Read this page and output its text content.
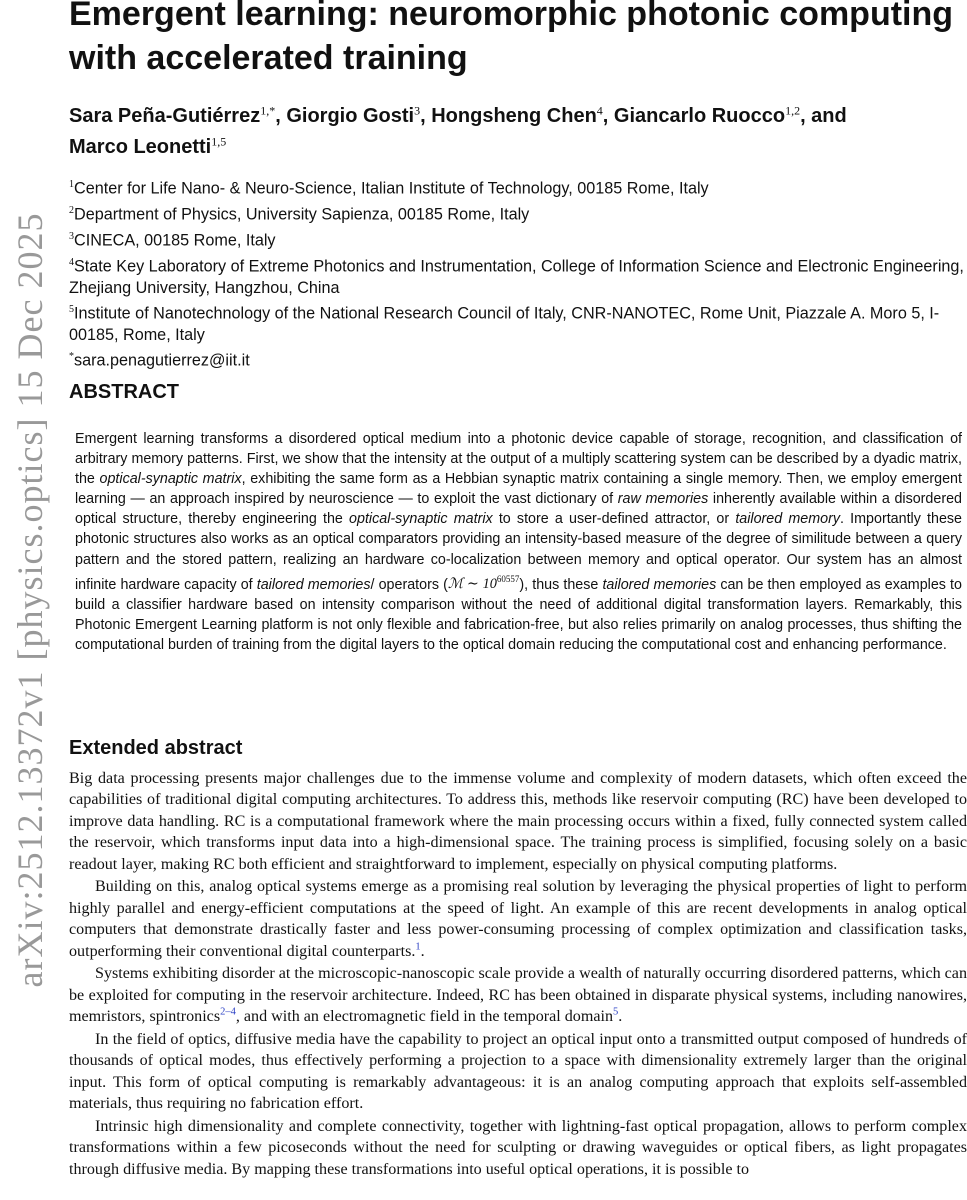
arXiv:2512.13372v1 [physics.optics] 15 Dec 2025
Emergent learning: neuromorphic photonic computing with accelerated training

Sara Peña-Gutiérrez$^{1,*}$, Giorgio Gosti$^3$, Hongsheng Chen$^4$, Giancarlo Ruocco$^{1,2}$, and
Marco Leonetti$^{1,5}$

$^1$Center for Life Nano- & Neuro-Science, Italian Institute of Technology, 00185 Rome, Italy

$^2$Department of Physics, University Sapienza, 00185 Rome, Italy

$^3$CINECA, 00185 Rome, Italy

$^4$State Key Laboratory of Extreme Photonics and Instrumentation, College of Information Science and Electronic Engineering, Zhejiang University, Hangzhou, China

$^5$Institute of Nanotechnology of the National Research Council of Italy, CNR-NANOTEC, Rome Unit, Piazzale A. Moro 5, I-00185, Rome, Italy

*sara.penagutierrez@iit.it

ABSTRACT

Emergent learning transforms a disordered optical medium into a photonic device capable of storage, recognition, and classification of arbitrary memory patterns. First, we show that the intensity at the output of a multiply scattering system can be described by a dyadic matrix, the optical-synaptic matrix, exhibiting the same form as a Hebbian synaptic matrix containing a single memory. Then, we employ emergent learning — an approach inspired by neuroscience — to exploit the vast dictionary of raw memories inherently available within a disordered optical structure, thereby engineering the optical-synaptic matrix to store a user-defined attractor, or tailored memory. Importantly these photonic structures also works as an optical comparators providing an intensity-based measure of the degree of similitude between a query pattern and the stored pattern, realizing an hardware co-localization between memory and optical operator. Our system has an almost infinite hardware capacity of tailored memories/ operators (ℳ ∼ $10^{60557}$), thus these tailored memories can be then employed as examples to build a classifier hardware based on intensity comparison without the need of additional digital transformation layers. Remarkably, this Photonic Emergent Learning platform is not only flexible and fabrication-free, but also relies primarily on analog processes, thus shifting the computational burden of training from the digital layers to the optical domain reducing the computational cost and enhancing performance.

Extended abstract

Big data processing presents major challenges due to the immense volume and complexity of modern datasets, which often exceed the capabilities of traditional digital computing architectures. To address this, methods like reservoir computing (RC) have been developed to improve data handling. RC is a computational framework where the main processing occurs within a fixed, fully connected system called the reservoir, which transforms input data into a high-dimensional space. The training process is simplified, focusing solely on a basic readout layer, making RC both efficient and straightforward to implement, especially on physical computing platforms.

Building on this, analog optical systems emerge as a promising real solution by leveraging the physical properties of light to perform highly parallel and energy-efficient computations at the speed of light. An example of this are recent developments in analog optical computers that demonstrate drastically faster and less power-consuming processing of complex optimization and classification tasks, outperforming their conventional digital counterparts.$^1$.

Systems exhibiting disorder at the microscopic-nanoscopic scale provide a wealth of naturally occurring disordered patterns, which can be exploited for computing in the reservoir architecture. Indeed, RC has been obtained in disparate physical systems, including nanowires, memristors, spintronics$^{2-4}$, and with an electromagnetic field in the temporal domain$^5$.

In the field of optics, diffusive media have the capability to project an optical input onto a transmitted output composed of hundreds of thousands of optical modes, thus effectively performing a projection to a space with dimensionality extremely larger than the original input. This form of optical computing is remarkably advantageous: it is an analog computing approach that exploits self-assembled materials, thus requiring no fabrication effort.

Intrinsic high dimensionality and complete connectivity, together with lightning-fast optical propagation, allows to perform complex transformations within a few picoseconds without the need for sculpting or drawing waveguides or optical fibers, as light propagates through diffusive media. By mapping these transformations into useful optical operations, it is possible to
